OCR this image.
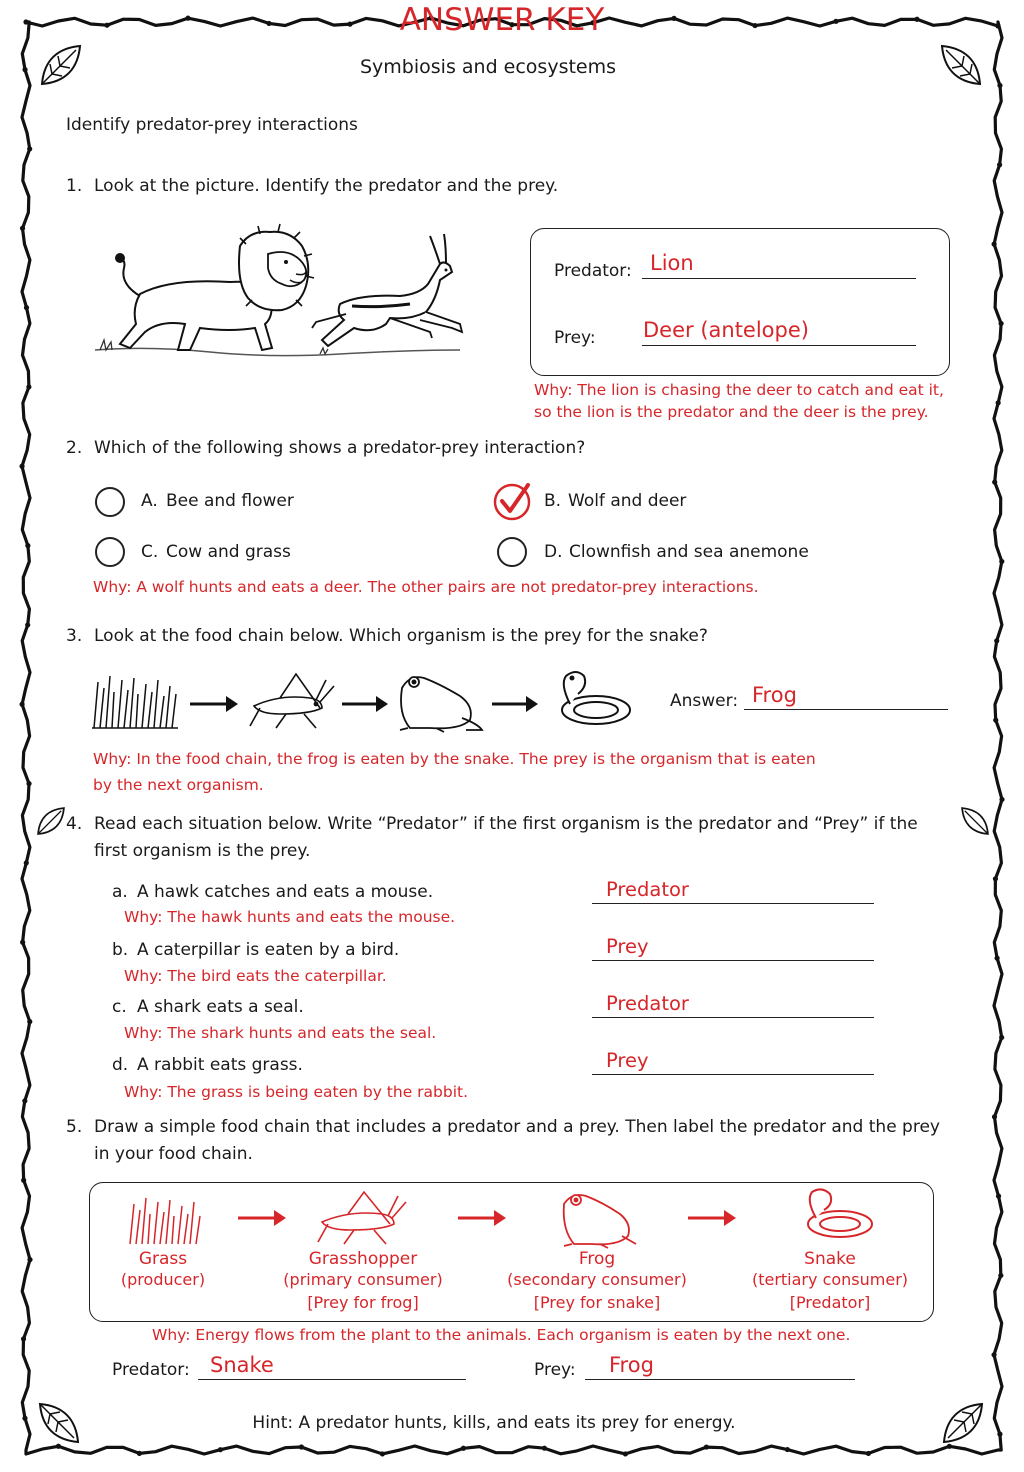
ANSWER KEY
Symbiosis and ecosystems
Identify predator-prey interactions
1. Look at the picture. Identify the predator and the prey.
Predator: Lion
Prey: Deer (antelope)
Why: The lion is chasing the deer to catch and eat it,
so the lion is the predator and the deer is the prey.
2. Which of the following shows a predator-prey interaction?
A. Bee and flower	B. Wolf and deer
C. Cow and grass	D. Clownfish and sea anemone
Why: A wolf hunts and eats a deer. The other pairs are not predator-prey interactions.
3. Look at the food chain below. Which organism is the prey for the snake?
Answer: Frog
Why: In the food chain, the frog is eaten by the snake. The prey is the organism that is eaten
by the next organism.
4. Read each situation below. Write “Predator” if the first organism is the predator and “Prey” if the
first organism is the prey.
a. A hawk catches and eats a mouse.
Why: The hawk hunts and eats the mouse.
Predator
b. A caterpillar is eaten by a bird.
Why: The bird eats the caterpillar.
Prey
c. A shark eats a seal.
Why: The shark hunts and eats the seal.
Predator
d. A rabbit eats grass.
Why: The grass is being eaten by the rabbit.
Prey
5. Draw a simple food chain that includes a predator and a prey. Then label the predator and the prey
in your food chain.
Grass
(producer)
Grasshopper
(primary consumer)
[Prey for frog]
Frog
(secondary consumer)
[Prey for snake]
Snake
(tertiary consumer)
[Predator]
Why: Energy flows from the plant to the animals. Each organism is eaten by the next one.
Predator: Snake	Prey: Frog
Hint: A predator hunts, kills, and eats its prey for energy.
